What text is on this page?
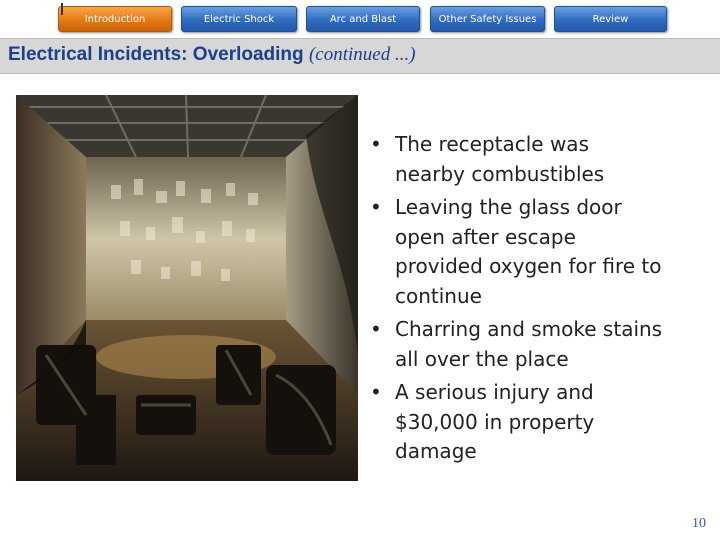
Introduction	Electric Shock	Arc and Blast	Other Safety Issues	Review
Electrical Incidents: Overloading (continued ...)
• The receptacle was nearby combustibles
• Leaving the glass door open after escape provided oxygen for fire to continue
• Charring and smoke stains all over the place
• A serious injury and $30,000 in property damage
10
